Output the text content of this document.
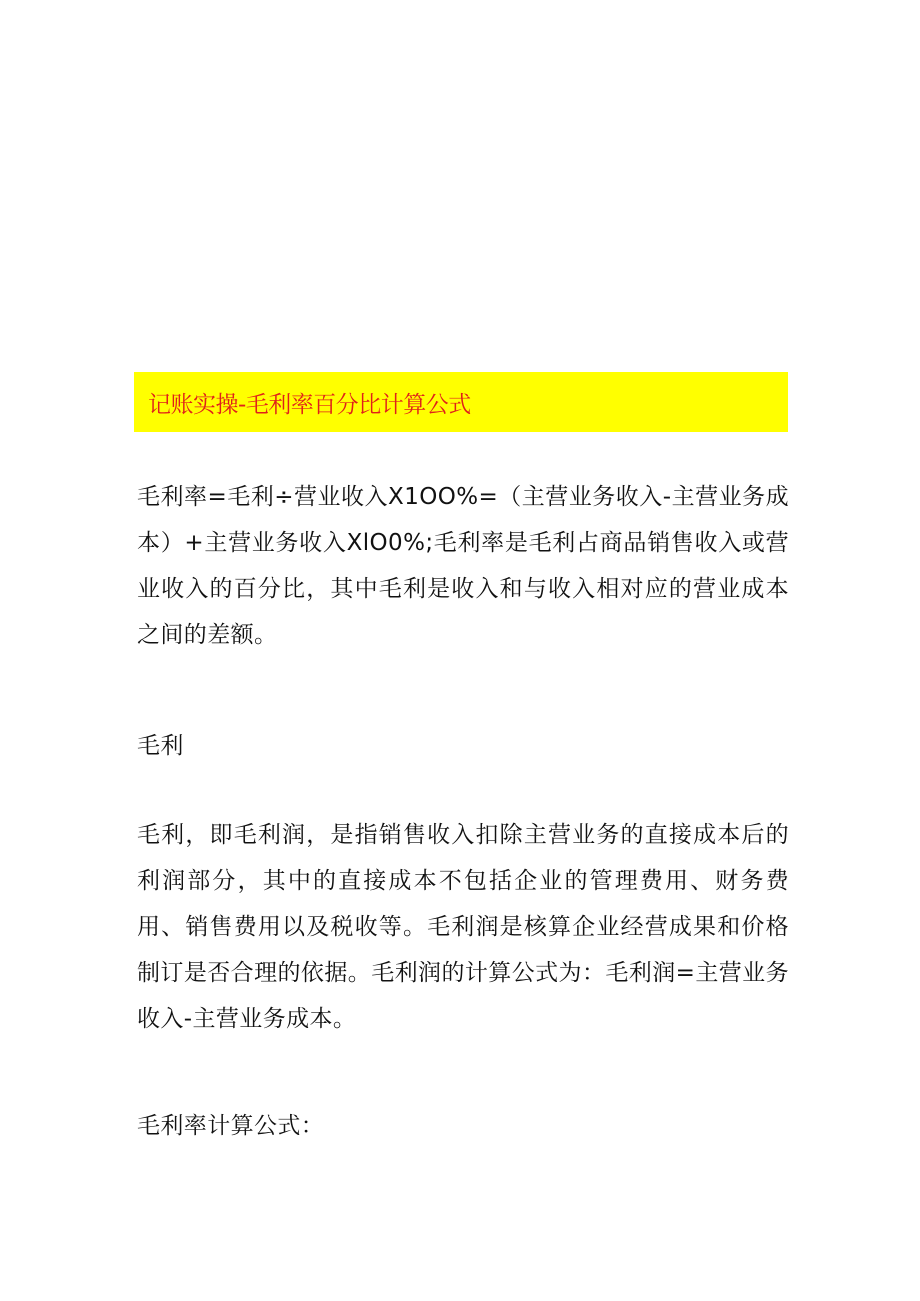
记账实操-毛利率百分比计算公式

毛利率=毛利÷营业收入X1OO%=（主营业务收入-主营业务成本）+主营业务收入XlO0%;毛利率是毛利占商品销售收入或营业收入的百分比，其中毛利是收入和与收入相对应的营业成本之间的差额。

毛利

毛利，即毛利润，是指销售收入扣除主营业务的直接成本后的利润部分，其中的直接成本不包括企业的管理费用、财务费用、销售费用以及税收等。毛利润是核算企业经营成果和价格制订是否合理的依据。毛利润的计算公式为：毛利润=主营业务收入-主营业务成本。

毛利率计算公式：
